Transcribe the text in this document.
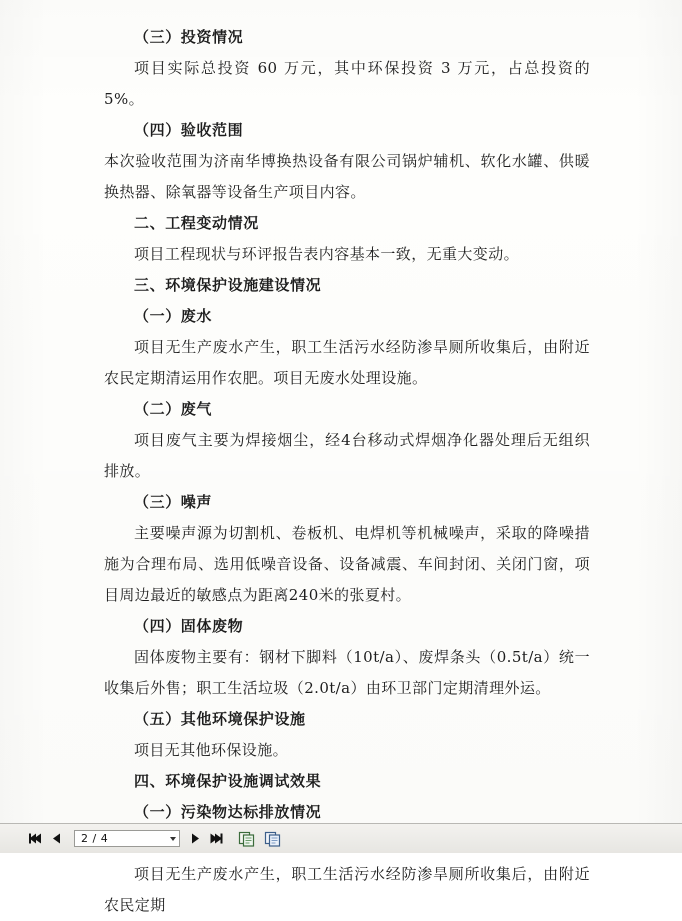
（三）投资情况

项目实际总投资 60 万元，其中环保投资 3 万元，占总投资的 5%。

（四）验收范围

本次验收范围为济南华博换热设备有限公司锅炉辅机、软化水罐、供暖换热器、除氧器等设备生产项目内容。

二、工程变动情况

项目工程现状与环评报告表内容基本一致，无重大变动。

三、环境保护设施建设情况

（一）废水

项目无生产废水产生，职工生活污水经防渗旱厕所收集后，由附近农民定期清运用作农肥。项目无废水处理设施。

（二）废气

项目废气主要为焊接烟尘，经4台移动式焊烟净化器处理后无组织排放。

（三）噪声

主要噪声源为切割机、卷板机、电焊机等机械噪声，采取的降噪措施为合理布局、选用低噪音设备、设备减震、车间封闭、关闭门窗，项目周边最近的敏感点为距离240米的张夏村。

（四）固体废物

固体废物主要有：钢材下脚料（10t/a）、废焊条头（0.5t/a）统一收集后外售；职工生活垃圾（2.0t/a）由环卫部门定期清理外运。

（五）其他环境保护设施

项目无其他环保设施。

四、环境保护设施调试效果

（一）污染物达标排放情况

项目无生产废水产生，职工生活污水经防渗旱厕所收集后，由附近农民定期

2 / 4
